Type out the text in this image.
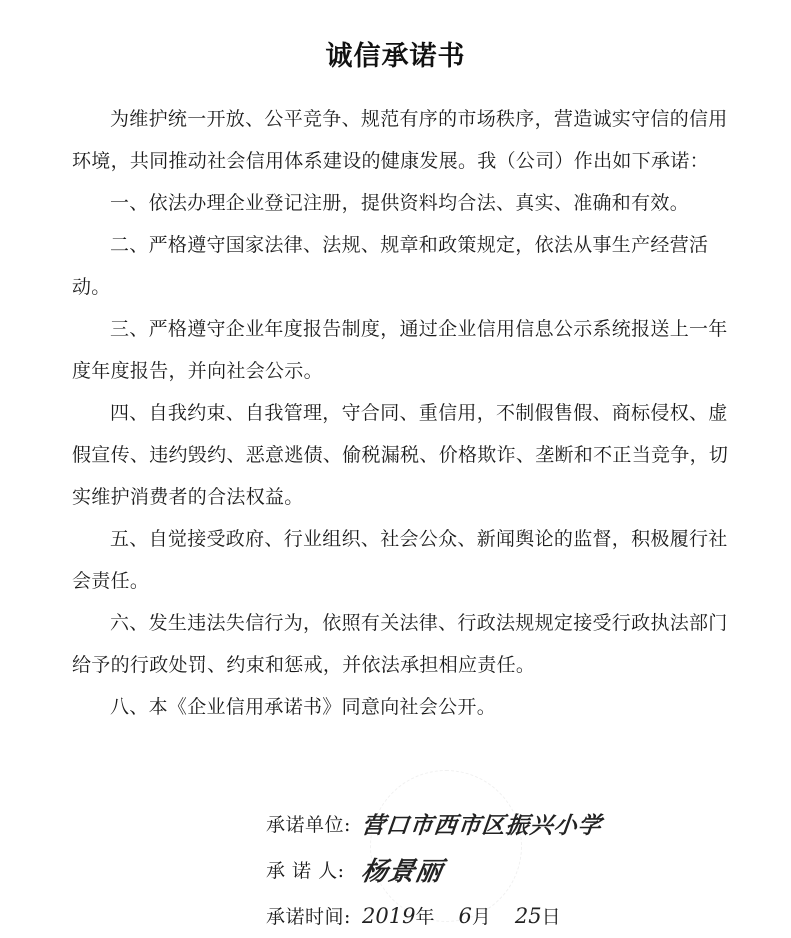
诚信承诺书

为维护统一开放、公平竞争、规范有序的市场秩序，营造诚实守信的信用环境，共同推动社会信用体系建设的健康发展。我（公司）作出如下承诺：

一、依法办理企业登记注册，提供资料均合法、真实、准确和有效。

二、严格遵守国家法律、法规、规章和政策规定，依法从事生产经营活动。

三、严格遵守企业年度报告制度，通过企业信用信息公示系统报送上一年度年度报告，并向社会公示。

四、自我约束、自我管理，守合同、重信用，不制假售假、商标侵权、虚假宣传、违约毁约、恶意逃债、偷税漏税、价格欺诈、垄断和不正当竞争，切实维护消费者的合法权益。

五、自觉接受政府、行业组织、社会公众、新闻舆论的监督，积极履行社会责任。

六、发生违法失信行为，依照有关法律、行政法规规定接受行政执法部门给予的行政处罚、约束和惩戒，并依法承担相应责任。

八、本《企业信用承诺书》同意向社会公开。

承诺单位: 营口市西市区振兴小学
承 诺 人: 杨景丽
承诺时间: 2019 年 6 月 25 日
